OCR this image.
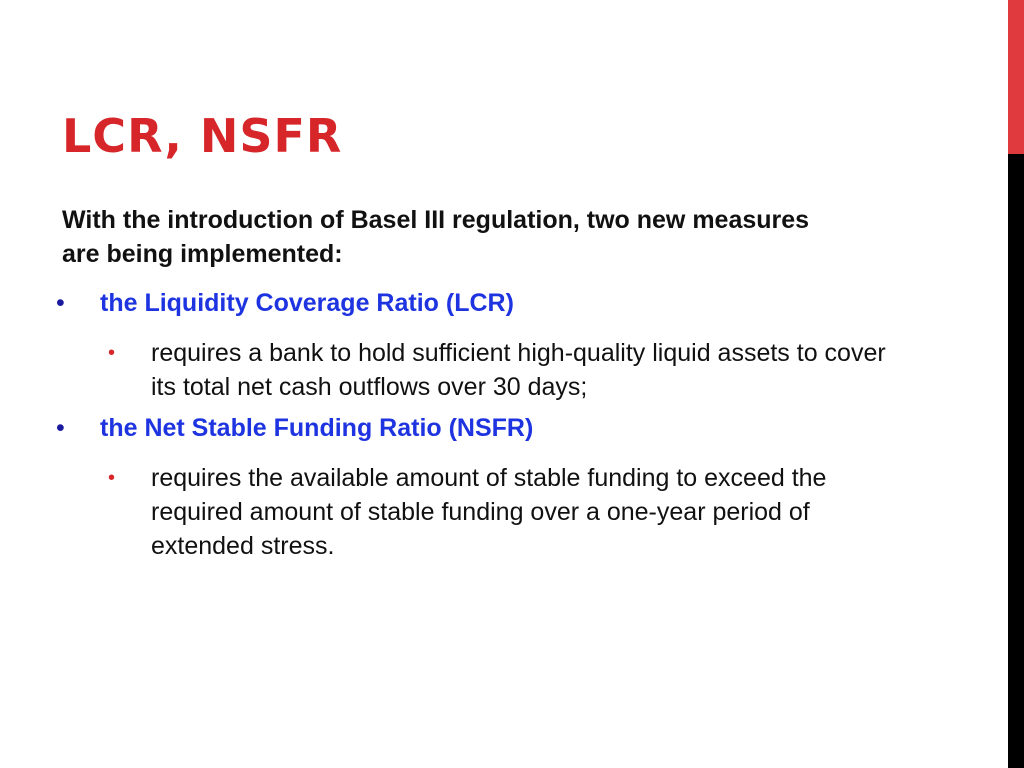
LCR, NSFR
With the introduction of Basel III regulation, two new measures are being implemented:
• the Liquidity Coverage Ratio (LCR)
• requires a bank to hold sufficient high-quality liquid assets to cover its total net cash outflows over 30 days;
• the Net Stable Funding Ratio (NSFR)
• requires the available amount of stable funding to exceed the required amount of stable funding over a one-year period of extended stress.
